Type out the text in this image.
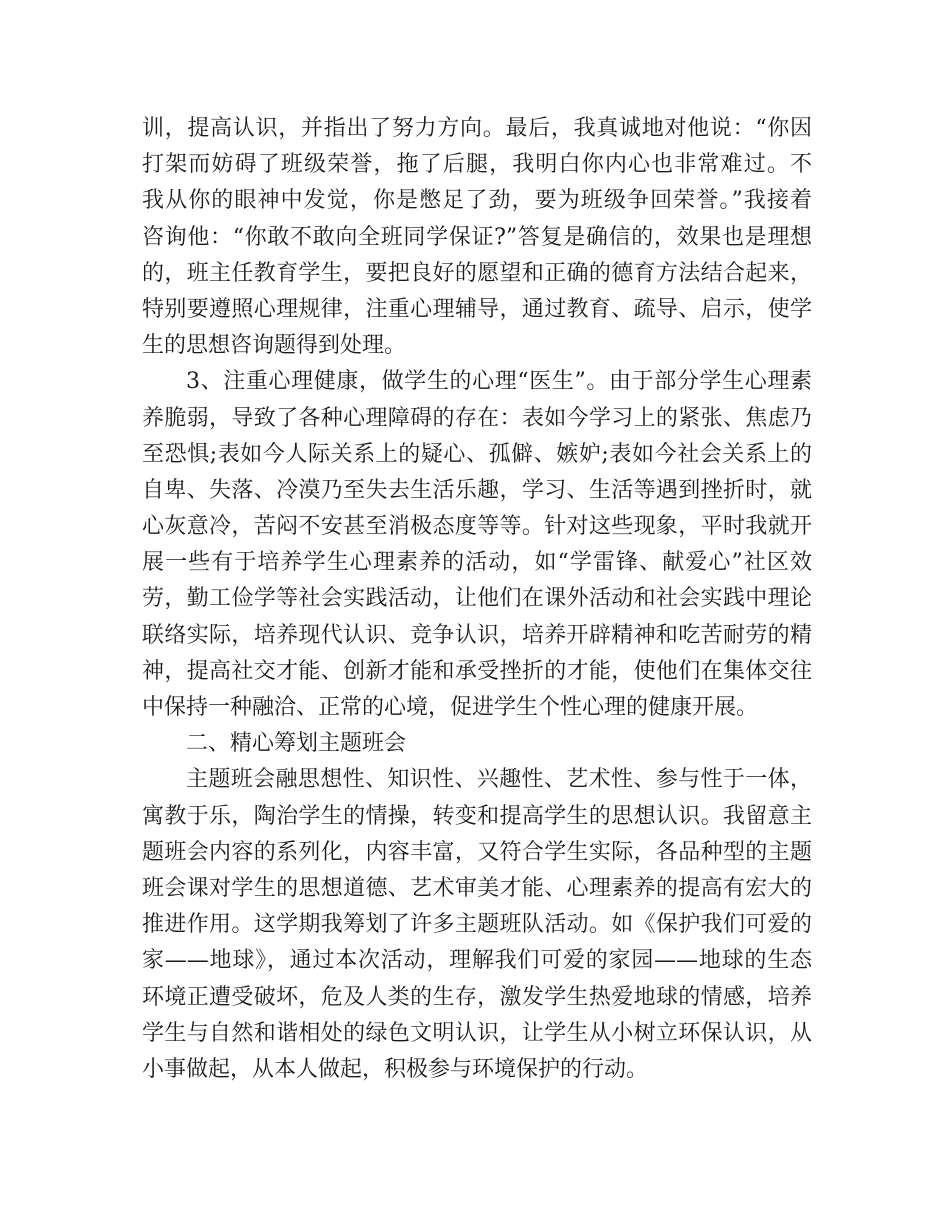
训，提高认识，并指出了努力方向。最后，我真诚地对他说：“你因
打架而妨碍了班级荣誉，拖了后腿，我明白你内心也非常难过。不
我从你的眼神中发觉，你是憋足了劲，要为班级争回荣誉。”我接着
咨询他：“你敢不敢向全班同学保证?”答复是确信的，效果也是理想
的，班主任教育学生，要把良好的愿望和正确的德育方法结合起来，
特别要遵照心理规律，注重心理辅导，通过教育、疏导、启示，使学
生的思想咨询题得到处理。
3、注重心理健康，做学生的心理“医生”。由于部分学生心理素
养脆弱，导致了各种心理障碍的存在：表如今学习上的紧张、焦虑乃
至恐惧;表如今人际关系上的疑心、孤僻、嫉妒;表如今社会关系上的
自卑、失落、冷漠乃至失去生活乐趣，学习、生活等遇到挫折时，就
心灰意冷，苦闷不安甚至消极态度等等。针对这些现象，平时我就开
展一些有于培养学生心理素养的活动，如“学雷锋、献爱心”社区效
劳，勤工俭学等社会实践活动，让他们在课外活动和社会实践中理论
联络实际，培养现代认识、竞争认识，培养开辟精神和吃苦耐劳的精
神，提高社交才能、创新才能和承受挫折的才能，使他们在集体交往
中保持一种融洽、正常的心境，促进学生个性心理的健康开展。
二、精心筹划主题班会
主题班会融思想性、知识性、兴趣性、艺术性、参与性于一体，
寓教于乐，陶治学生的情操，转变和提高学生的思想认识。我留意主
题班会内容的系列化，内容丰富，又符合学生实际，各品种型的主题
班会课对学生的思想道德、艺术审美才能、心理素养的提高有宏大的
推进作用。这学期我筹划了许多主题班队活动。如《保护我们可爱的
家——地球》，通过本次活动，理解我们可爱的家园——地球的生态
环境正遭受破坏，危及人类的生存，激发学生热爱地球的情感，培养
学生与自然和谐相处的绿色文明认识，让学生从小树立环保认识，从
小事做起，从本人做起，积极参与环境保护的行动。
